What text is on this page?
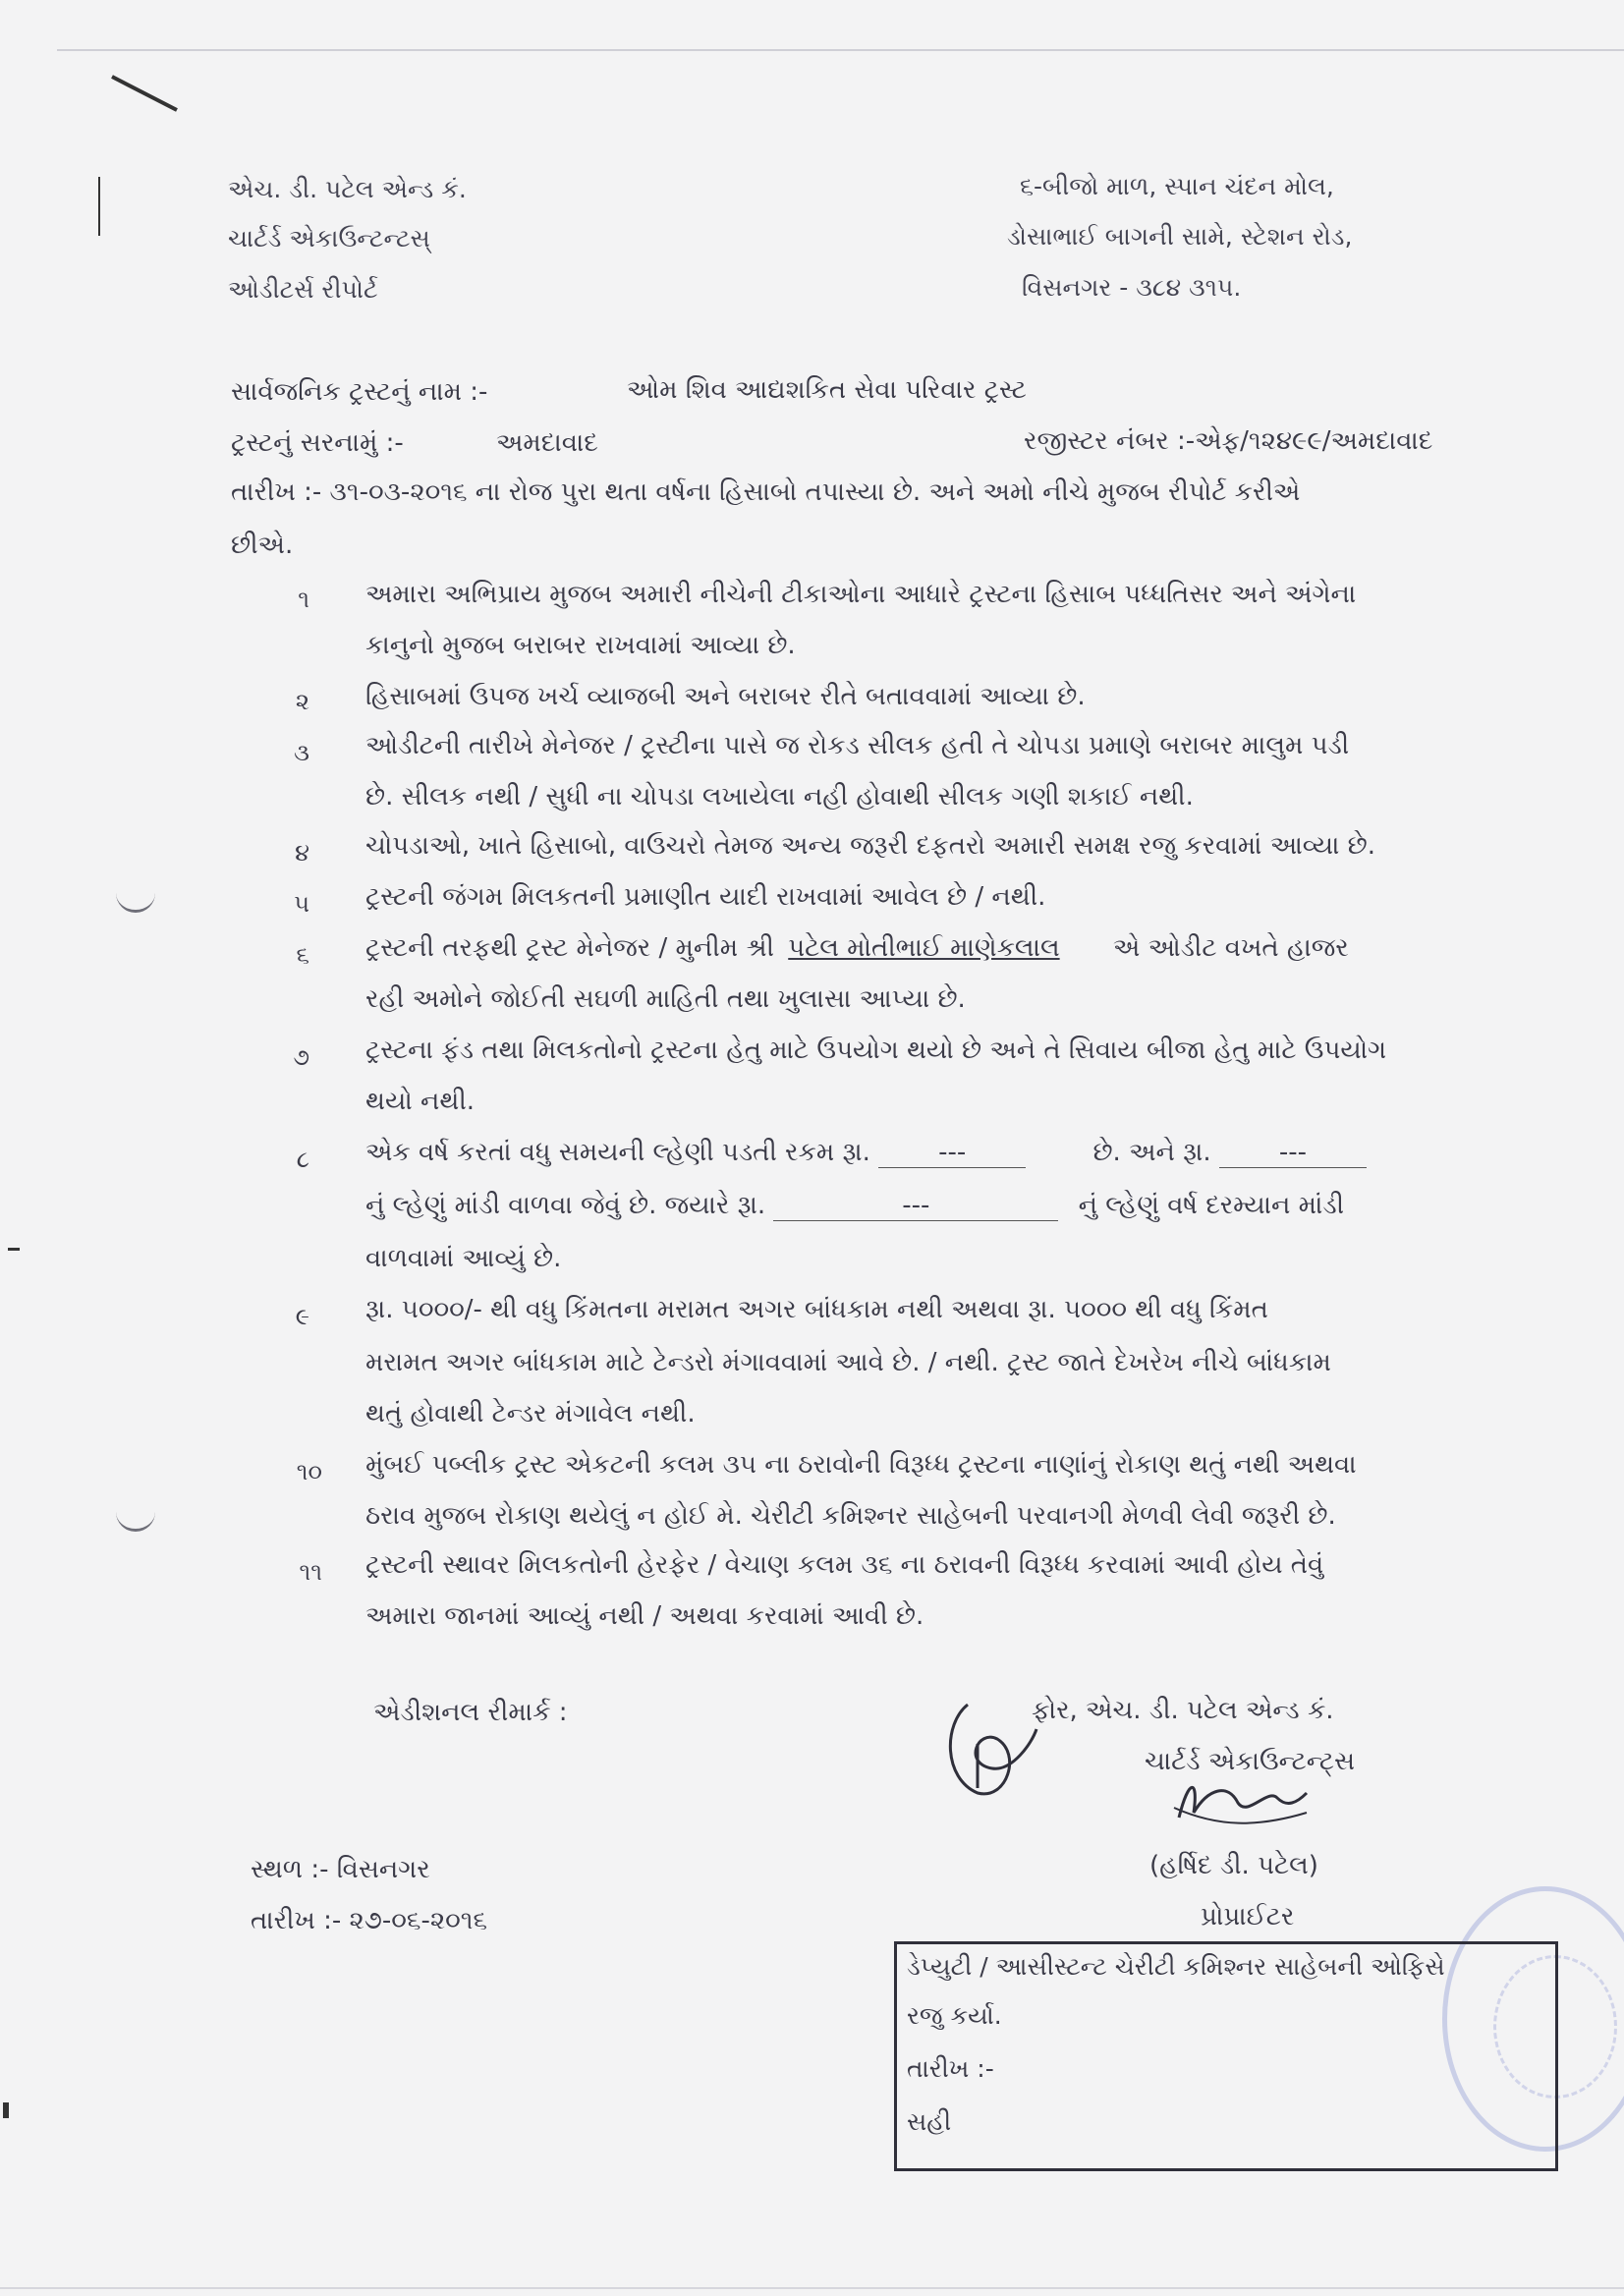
એચ. ડી. પટેલ એન્ડ કં.
ચાર્ટર્ડ એકાઉન્ટન્ટસ્
ઓડીટર્સ રીપોર્ટ
૬-બીજો માળ, સ્પાન ચંદન મોલ,
ડોસાભાઈ બાગની સામે, સ્ટેશન રોડ,
વિસનગર - ૩૮૪ ૩૧૫.
સાર્વજનિક ટ્રસ્ટનું નામ :-	ઓમ શિવ આદ્યશકિત સેવા પરિવાર ટ્રસ્ટ
ટ્રસ્ટનું સરનામું :-	અમદાવાદ	રજીસ્ટર નંબર :-એફ/૧૨૪૯૯/અમદાવાદ
તારીખ :- ૩૧-૦૩-૨૦૧૬ ના રોજ પુરા થતા વર્ષના હિસાબો તપાસ્યા છે. અને અમો નીચે મુજબ રીપોર્ટ કરીએ
છીએ.
૧ અમારા અભિપ્રાય મુજબ અમારી નીચેની ટીકાઓના આધારે ટ્રસ્ટના હિસાબ પધ્ધતિસર અને અંગેના
કાનુનો મુજબ બરાબર રાખવામાં આવ્યા છે.
૨ હિસાબમાં ઉપજ ખર્ચ વ્યાજબી અને બરાબર રીતે બતાવવામાં આવ્યા છે.
૩ ઓડીટની તારીખે મેનેજર / ટ્રસ્ટીના પાસે જ રોકડ સીલક હતી તે ચોપડા પ્રમાણે બરાબર માલુમ પડી
છે. સીલક નથી / સુધી ના ચોપડા લખાયેલા નહી હોવાથી સીલક ગણી શકાઈ નથી.
૪ ચોપડાઓ, ખાતે હિસાબો, વાઉચરો તેમજ અન્ય જરૂરી દફતરો અમારી સમક્ષ રજુ કરવામાં આવ્યા છે.
૫ ટ્રસ્ટની જંગમ મિલકતની પ્રમાણીત યાદી રાખવામાં આવેલ છે / નથી.
૬ ટ્રસ્ટની તરફથી ટ્રસ્ટ મેનેજર / મુનીમ શ્રી પટેલ મોતીભાઈ માણેકલાલ એ ઓડીટ વખતે હાજર
રહી અમોને જોઈતી સઘળી માહિતી તથા ખુલાસા આપ્યા છે.
૭ ટ્રસ્ટના ફંડ તથા મિલકતોનો ટ્રસ્ટના હેતુ માટે ઉપયોગ થયો છે અને તે સિવાય બીજા હેતુ માટે ઉપયોગ
થયો નથી.
૮ એક વર્ષ કરતાં વધુ સમયની લ્હેણી પડતી રકમ રૂા.	---	છે. અને રૂા.	---
નું લ્હેણું માંડી વાળવા જેવું છે. જયારે રૂા.	---	નું લ્હેણું વર્ષ દરમ્યાન માંડી
વાળવામાં આવ્યું છે.
૯ રૂા. ૫૦૦૦/- થી વધુ કિંમતના મરામત અગર બાંધકામ નથી અથવા રૂા. ૫૦૦૦ થી વધુ કિંમત
મરામત અગર બાંધકામ માટે ટેન્ડરો મંગાવવામાં આવે છે. / નથી. ટ્રસ્ટ જાતે દેખરેખ નીચે બાંધકામ
થતું હોવાથી ટેન્ડર મંગાવેલ નથી.
૧૦ મુંબઈ પબ્લીક ટ્રસ્ટ એકટની કલમ ૩૫ ના ઠરાવોની વિરૂધ્ધ ટ્રસ્ટના નાણાંનું રોકાણ થતું નથી અથવા
ઠરાવ મુજબ રોકાણ થયેલું ન હોઈ મે. ચેરીટી કમિશ્નર સાહેબની પરવાનગી મેળવી લેવી જરૂરી છે.
૧૧ ટ્રસ્ટની સ્થાવર મિલકતોની હેરફેર / વેચાણ કલમ ૩૬ ના ઠરાવની વિરૂધ્ધ કરવામાં આવી હોય તેવું
અમારા જાનમાં આવ્યું નથી / અથવા કરવામાં આવી છે.
એડીશનલ રીમાર્ક :	ફોર, એચ. ડી. પટેલ એન્ડ કં.
ચાર્ટર્ડ એકાઉન્ટન્ટ્સ
(હર્ષિદ ડી. પટેલ)
પ્રોપ્રાઈટર
સ્થળ :- વિસનગર
તારીખ :- ૨૭-૦૬-૨૦૧૬
ડેપ્યુટી / આસીસ્ટન્ટ ચેરીટી કમિશ્નર સાહેબની ઓફિસે
રજુ કર્યા.
તારીખ :-
સહી
